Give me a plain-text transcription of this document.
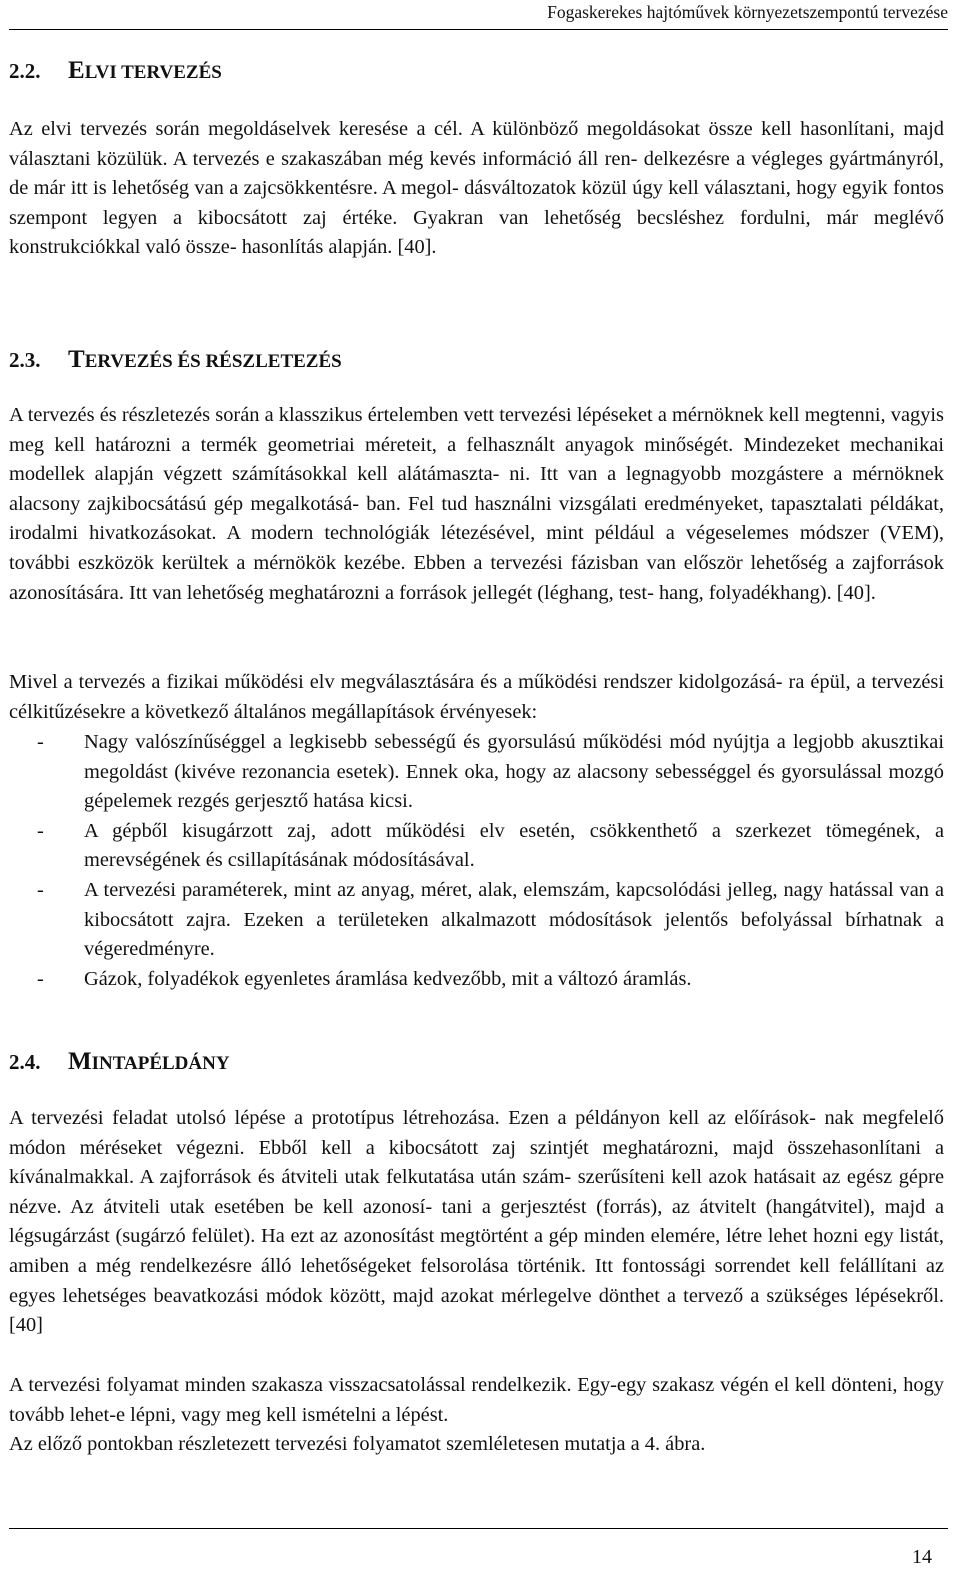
Fogaskerekes hajtóművek környezetszempontú tervezése
2.2. ELVI TERVEZÉS

Az elvi tervezés során megoldáselvek keresése a cél. A különböző megoldásokat össze kell hasonlítani, majd választani közülük. A tervezés e szakaszában még kevés információ áll ren- delkezésre a végleges gyártmányról, de már itt is lehetőség van a zajcsökkentésre. A megol- dásváltozatok közül úgy kell választani, hogy egyik fontos szempont legyen a kibocsátott zaj értéke. Gyakran van lehetőség becsléshez fordulni, már meglévő konstrukciókkal való össze- hasonlítás alapján. [40].

2.3. TERVEZÉS ÉS RÉSZLETEZÉS

A tervezés és részletezés során a klasszikus értelemben vett tervezési lépéseket a mérnöknek kell megtenni, vagyis meg kell határozni a termék geometriai méreteit, a felhasznált anyagok minőségét. Mindezeket mechanikai modellek alapján végzett számításokkal kell alátámaszta- ni. Itt van a legnagyobb mozgástere a mérnöknek alacsony zajkibocsátású gép megalkotásá- ban. Fel tud használni vizsgálati eredményeket, tapasztalati példákat, irodalmi hivatkozásokat. A modern technológiák létezésével, mint például a végeselemes módszer (VEM), további eszközök kerültek a mérnökök kezébe. Ebben a tervezési fázisban van először lehetőség a zajforrások azonosítására. Itt van lehetőség meghatározni a források jellegét (léghang, test- hang, folyadékhang). [40].

Mivel a tervezés a fizikai működési elv megválasztására és a működési rendszer kidolgozásá- ra épül, a tervezési célkitűzésekre a következő általános megállapítások érvényesek:

- Nagy valószínűséggel a legkisebb sebességű és gyorsulású működési mód nyújtja a legjobb akusztikai megoldást (kivéve rezonancia esetek). Ennek oka, hogy az alacsony sebességgel és gyorsulással mozgó gépelemek rezgés gerjesztő hatása kicsi.
- A gépből kisugárzott zaj, adott működési elv esetén, csökkenthető a szerkezet tömegének, a merevségének és csillapításának módosításával.
- A tervezési paraméterek, mint az anyag, méret, alak, elemszám, kapcsolódási jelleg, nagy hatással van a kibocsátott zajra. Ezeken a területeken alkalmazott módosítások jelentős befolyással bírhatnak a végeredményre.
- Gázok, folyadékok egyenletes áramlása kedvezőbb, mit a változó áramlás.
2.4. MINTAPÉLDÁNY

A tervezési feladat utolsó lépése a prototípus létrehozása. Ezen a példányon kell az előírások- nak megfelelő módon méréseket végezni. Ebből kell a kibocsátott zaj szintjét meghatározni, majd összehasonlítani a kívánalmakkal. A zajforrások és átviteli utak felkutatása után szám- szerűsíteni kell azok hatásait az egész gépre nézve. Az átviteli utak esetében be kell azonosí- tani a gerjesztést (forrás), az átvitelt (hangátvitel), majd a légsugárzást (sugárzó felület). Ha ezt az azonosítást megtörtént a gép minden elemére, létre lehet hozni egy listát, amiben a még rendelkezésre álló lehetőségeket felsorolása történik. Itt fontossági sorrendet kell felállítani az egyes lehetséges beavatkozási módok között, majd azokat mérlegelve dönthet a tervező a szükséges lépésekről. [40]

A tervezési folyamat minden szakasza visszacsatolással rendelkezik. Egy-egy szakasz végén el kell dönteni, hogy tovább lehet-e lépni, vagy meg kell ismételni a lépést.

Az előző pontokban részletezett tervezési folyamatot szemléletesen mutatja a 4. ábra.

14
